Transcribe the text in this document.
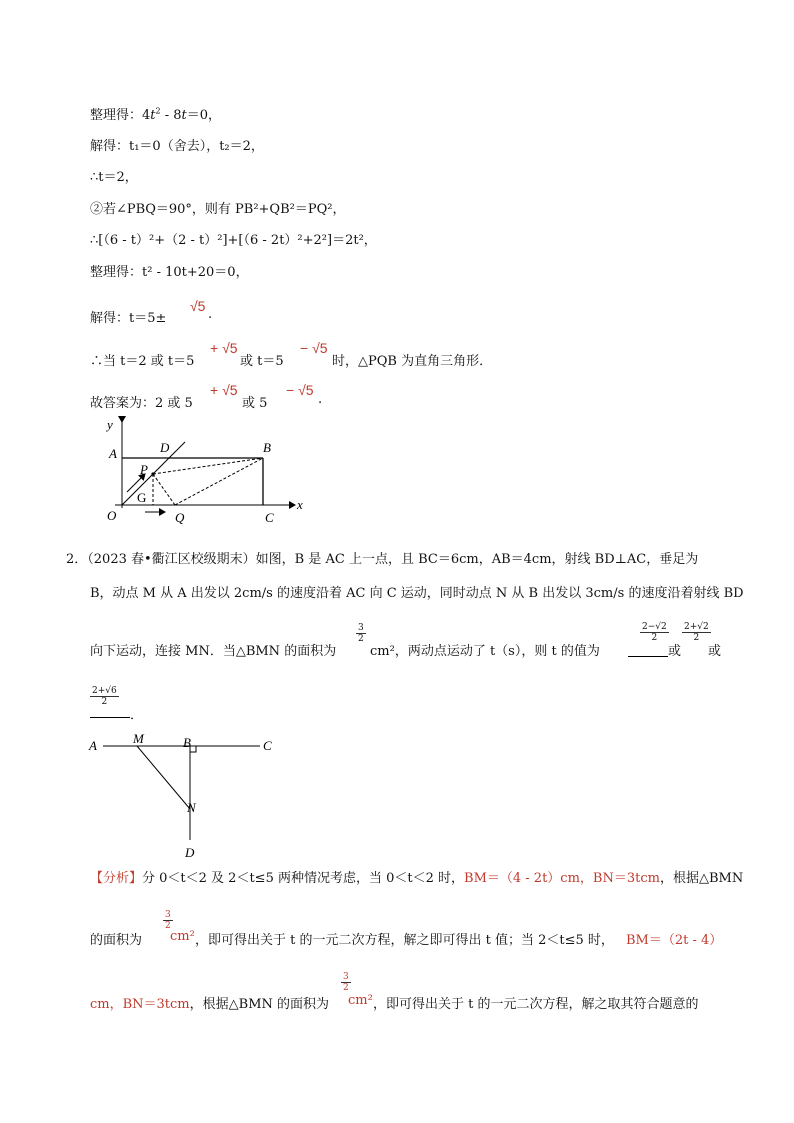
整理得：$4t^2 - 8t=0$，
解得：t₁＝0（舍去），t₂＝2，
∴t＝2，
②若∠PBQ＝90°，则有 PB²+QB²＝PQ²，
∴[（6 - t）²+（2 - t）²]+[（6 - 2t）²+2²]＝2t²，
整理得：t² - 10t+20＝0，
解得：t＝5±
√5
.
∴当 t＝2 或 t＝5
+ √5
或 t＝5
− √5
时，△PQB 为直角三角形．
故答案为：2 或 5
+ √5
或 5
− √5
.
y
x
A	D	B
P
G
O	Q	C
2．（2023 春•衢江区校级期末）如图，B 是 AC 上一点，且 BC＝6cm，AB＝4cm，射线 BD⊥AC，垂足为
B，动点 M 从 A 出发以 2cm/s 的速度沿着 AC 向 C 运动，同时动点 N 从 B 出发以 3cm/s 的速度沿着射线 BD
向下运动，连接 MN．当△BMN 的面积为
$\frac{3}{2}$
cm²，两动点运动了 t（s），则 t 的值为
$\frac{2-√2}{2}$
或
$\frac{2+√2}{2}$
或
$\frac{2+√6}{2}$
．
A	M	B	C
N
D
【分析】分 0＜t＜2 及 2＜t≤5 两种情况考虑，当 0＜t＜2 时，BM＝（4 - 2t）cm，BN＝3tcm，根据△BMN
的面积为
$\frac{3}{2}$
cm² ，即可得出关于 t 的一元二次方程，解之即可得出 t 值；当 2＜t≤5 时， BM＝（2t - 4）
cm，BN＝3tcm，根据△BMN 的面积为
$\frac{3}{2}$
cm² ，即可得出关于 t 的一元二次方程，解之取其符合题意的
